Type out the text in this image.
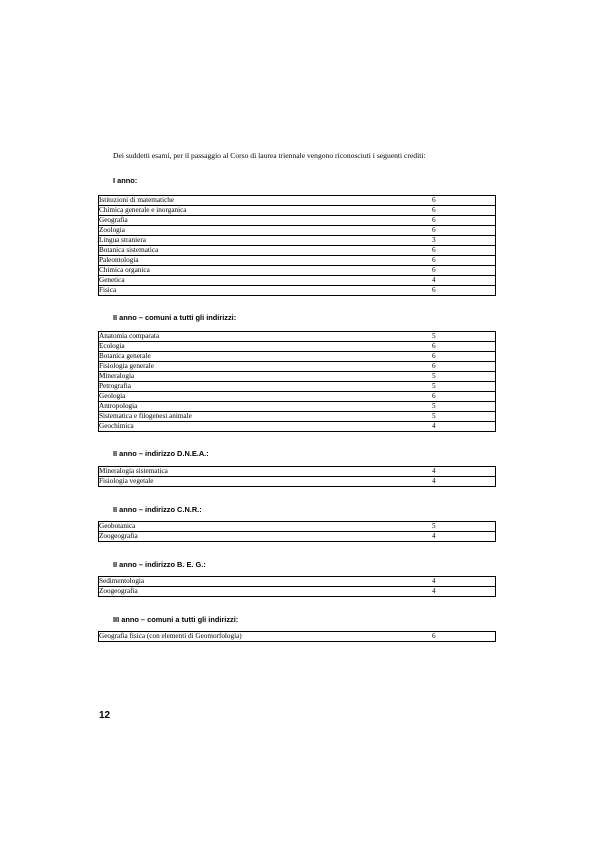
Dei suddetti esami, per il passaggio al Corso di laurea triennale vengono riconosciuti i seguenti crediti:
I anno:
Istituzioni di matematiche	6
Chimica generale e inorganica	6
Geografia	6
Zoologia	6
Lingua straniera	3
Botanica sistematica	6
Paleontologia	6
Chimica organica	6
Genetica	4
Fisica	6
II anno – comuni a tutti gli indirizzi:
Anatomia comparata	5
Ecologia	6
Botanica generale	6
Fisiologia generale	6
Mineralogia	5
Petrografia	5
Geologia	6
Antropologia	5
Sistematica e filogenesi animale	5
Geochimica	4
II anno – indirizzo D.N.E.A.:
Mineralogia sistematica	4
Fisiologia vegetale	4
II anno – indirizzo C.N.R.:
Geobotanica	5
Zoogeografia	4
II anno – indirizzo B. E. G.:
Sedimentologia	4
Zoogeografia	4
III anno – comuni a tutti gli indirizzi:
Geografia fisica (con elementi di Geomorfologia)	6
12
